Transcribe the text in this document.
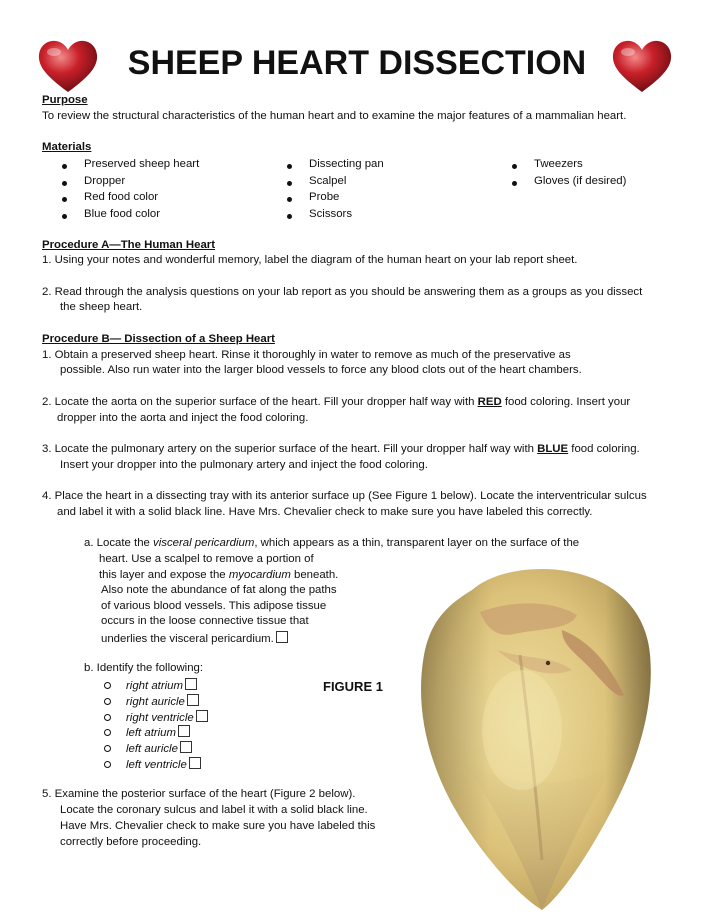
SHEEP HEART DISSECTION
Purpose
To review the structural characteristics of the human heart and to examine the major features of a mammalian heart.
Materials
Preserved sheep heart
Dropper
Red food color
Blue food color
Dissecting pan
Scalpel
Probe
Scissors
Tweezers
Gloves (if desired)
Procedure A—The Human Heart
1. Using your notes and wonderful memory, label the diagram of the human heart on your lab report sheet.
2. Read through the analysis questions on your lab report as you should be answering them as a groups as you dissect
the sheep heart.
Procedure B— Dissection of a Sheep Heart
1. Obtain a preserved sheep heart. Rinse it thoroughly in water to remove as much of the preservative as
possible. Also run water into the larger blood vessels to force any blood clots out of the heart chambers.
2. Locate the aorta on the superior surface of the heart. Fill your dropper half way with RED food coloring. Insert your
dropper into the aorta and inject the food coloring.
3. Locate the pulmonary artery on the superior surface of the heart. Fill your dropper half way with BLUE food coloring.
Insert your dropper into the pulmonary artery and inject the food coloring.
4. Place the heart in a dissecting tray with its anterior surface up (See Figure 1 below). Locate the interventricular sulcus
and label it with a solid black line. Have Mrs. Chevalier check to make sure you have labeled this correctly.
a. Locate the visceral pericardium, which appears as a thin, transparent layer on the surface of the
heart. Use a scalpel to remove a portion of
this layer and expose the myocardium beneath.
Also note the abundance of fat along the paths
of various blood vessels. This adipose tissue
occurs in the loose connective tissue that
underlies the visceral pericardium.
b. Identify the following:
right atrium
right auricle
right ventricle
left atrium
left auricle
left ventricle
FIGURE 1
5. Examine the posterior surface of the heart (Figure 2 below).
Locate the coronary sulcus and label it with a solid black line.
Have Mrs. Chevalier check to make sure you have labeled this
correctly before proceeding.
